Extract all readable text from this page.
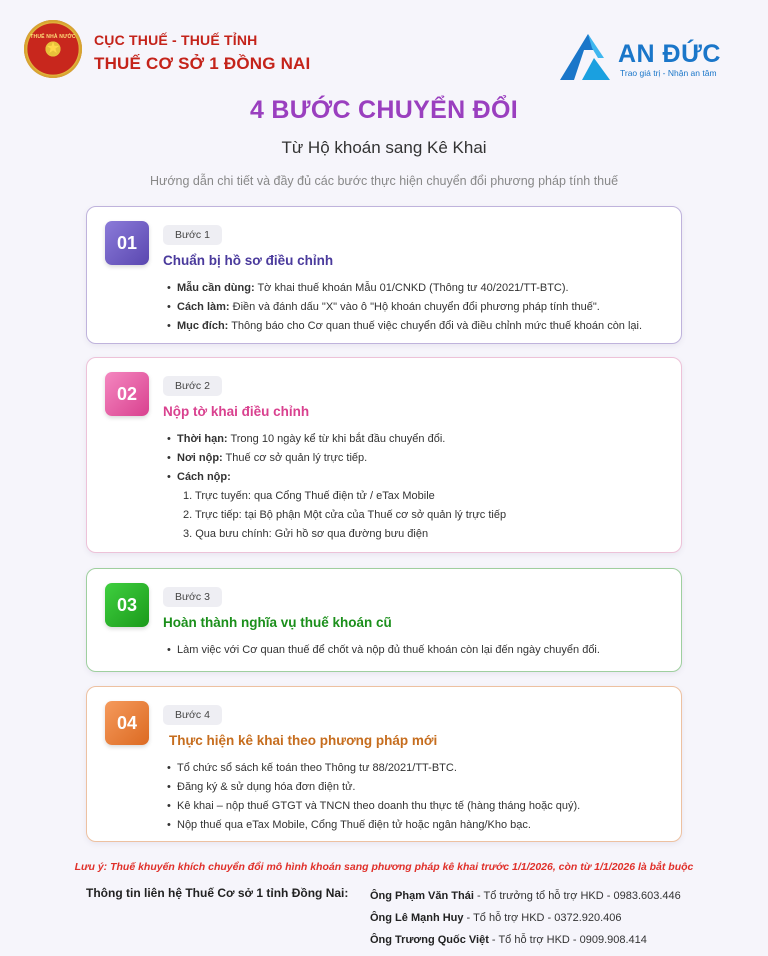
THUẾ NHÀ NƯỚC
★ CỤC THUẾ - THUẾ TỈNH
THUẾ CƠ SỞ 1 ĐỒNG NAI	AN ĐỨC
Trao giá trị - Nhận an tâm
4 BƯỚC CHUYỂN ĐỔI
Từ Hộ khoán sang Kê Khai
Hướng dẫn chi tiết và đầy đủ các bước thực hiện chuyển đổi phương pháp tính thuế
01	Bước 1
Chuẩn bị hồ sơ điều chỉnh
• Mẫu cần dùng: Tờ khai thuế khoán Mẫu 01/CNKD (Thông tư 40/2021/TT-BTC).
• Cách làm: Điền và đánh dấu "X" vào ô "Hộ khoán chuyển đổi phương pháp tính thuế".
• Mục đích: Thông báo cho Cơ quan thuế việc chuyển đổi và điều chỉnh mức thuế khoán còn lại.
02	Bước 2
Nộp tờ khai điều chỉnh
• Thời hạn: Trong 10 ngày kể từ khi bắt đầu chuyển đổi.
• Nơi nộp: Thuế cơ sở quản lý trực tiếp.
• Cách nộp:
1. Trực tuyến: qua Cổng Thuế điện tử / eTax Mobile
2. Trực tiếp: tại Bộ phận Một cửa của Thuế cơ sở quản lý trực tiếp
3. Qua bưu chính: Gửi hồ sơ qua đường bưu điện
03	Bước 3
Hoàn thành nghĩa vụ thuế khoán cũ
• Làm việc với Cơ quan thuế để chốt và nộp đủ thuế khoán còn lại đến ngày chuyển đổi.
04	Bước 4
Thực hiện kê khai theo phương pháp mới
• Tổ chức sổ sách kế toán theo Thông tư 88/2021/TT-BTC.
• Đăng ký & sử dụng hóa đơn điện tử.
• Kê khai – nộp thuế GTGT và TNCN theo doanh thu thực tế (hàng tháng hoặc quý).
• Nộp thuế qua eTax Mobile, Cổng Thuế điện tử hoặc ngân hàng/Kho bạc.
Lưu ý: Thuế khuyến khích chuyển đổi mô hình khoán sang phương pháp kê khai trước 1/1/2026, còn từ 1/1/2026 là bắt buộc
Thông tin liên hệ Thuế Cơ sở 1 tỉnh Đồng Nai: Ông Phạm Văn Thái - Tổ trưởng tổ hỗ trợ HKD - 0983.603.446
Ông Lê Mạnh Huy - Tổ hỗ trợ HKD - 0372.920.406
Ông Trương Quốc Việt - Tổ hỗ trợ HKD - 0909.908.414
